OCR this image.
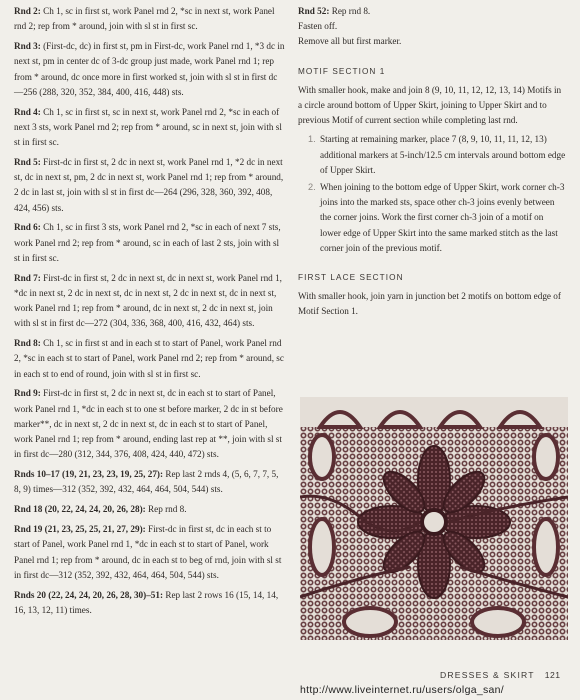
Rnd 2: Ch 1, sc in first st, work Panel rnd 2, *sc in next st, work Panel rnd 2; rep from * around, join with sl st in first sc.

Rnd 3: (First-dc, dc) in first st, pm in First-dc, work Panel rnd 1, *3 dc in next st, pm in center dc of 3-dc group just made, work Panel rnd 1; rep from * around, dc once more in first worked st, join with sl st in first dc—256 (288, 320, 352, 384, 400, 416, 448) sts.

Rnd 4: Ch 1, sc in first st, sc in next st, work Panel rnd 2, *sc in each of next 3 sts, work Panel rnd 2; rep from * around, sc in next st, join with sl st in first sc.

Rnd 5: First-dc in first st, 2 dc in next st, work Panel rnd 1, *2 dc in next st, dc in next st, pm, 2 dc in next st, work Panel rnd 1; rep from * around, 2 dc in last st, join with sl st in first dc—264 (296, 328, 360, 392, 408, 424, 456) sts.

Rnd 6: Ch 1, sc in first 3 sts, work Panel rnd 2, *sc in each of next 7 sts, work Panel rnd 2; rep from * around, sc in each of last 2 sts, join with sl st in first sc.

Rnd 7: First-dc in first st, 2 dc in next st, dc in next st, work Panel rnd 1, *dc in next st, 2 dc in next st, dc in next st, 2 dc in next st, dc in next st, work Panel rnd 1; rep from * around, dc in next st, 2 dc in next st, join with sl st in first dc—272 (304, 336, 368, 400, 416, 432, 464) sts.

Rnd 8: Ch 1, sc in first st and in each st to start of Panel, work Panel rnd 2, *sc in each st to start of Panel, work Panel rnd 2; rep from * around, sc in each st to end of round, join with sl st in first sc.

Rnd 9: First-dc in first st, 2 dc in next st, dc in each st to start of Panel, work Panel rnd 1, *dc in each st to one st before marker, 2 dc in st before marker**, dc in next st, 2 dc in next st, dc in each st to start of Panel, work Panel rnd 1; rep from * around, ending last rep at **, join with sl st in first dc—280 (312, 344, 376, 408, 424, 440, 472) sts.

Rnds 10–17 (19, 21, 23, 23, 19, 25, 27): Rep last 2 rnds 4, (5, 6, 7, 7, 5, 8, 9) times—312 (352, 392, 432, 464, 464, 504, 544) sts.

Rnd 18 (20, 22, 24, 24, 20, 26, 28): Rep rnd 8.

Rnd 19 (21, 23, 25, 25, 21, 27, 29): First-dc in first st, dc in each st to start of Panel, work Panel rnd 1, *dc in each st to start of Panel, work Panel rnd 1; rep from * around, dc in each st to beg of rnd, join with sl st in first dc—312 (352, 392, 432, 464, 464, 504, 544) sts.

Rnds 20 (22, 24, 24, 20, 26, 28, 30)–51: Rep last 2 rows 16 (15, 14, 14, 16, 13, 12, 11) times.

Rnd 52: Rep rnd 8.

Fasten off.

Remove all but first marker.

MOTIF SECTION 1

With smaller hook, make and join 8 (9, 10, 11, 12, 12, 13, 14) Motifs in a circle around bottom of Upper Skirt, joining to Upper Skirt and to previous Motif of current section while completing last rnd.

1. Starting at remaining marker, place 7 (8, 9, 10, 11, 11, 12, 13) additional markers at 5-inch/12.5 cm intervals around bottom edge of Upper Skirt.
2. When joining to the bottom edge of Upper Skirt, work corner ch-3 joins into the marked sts, space other ch-3 joins evenly between the corner joins. Work the first corner ch-3 join of a motif on lower edge of Upper Skirt into the same marked stitch as the last corner join of the previous motif.
FIRST LACE SECTION

With smaller hook, join yarn in junction bet 2 motifs on bottom edge of Motif Section 1.

DRESSES & SKIRT 121
http://www.liveinternet.ru/users/olga_san/
